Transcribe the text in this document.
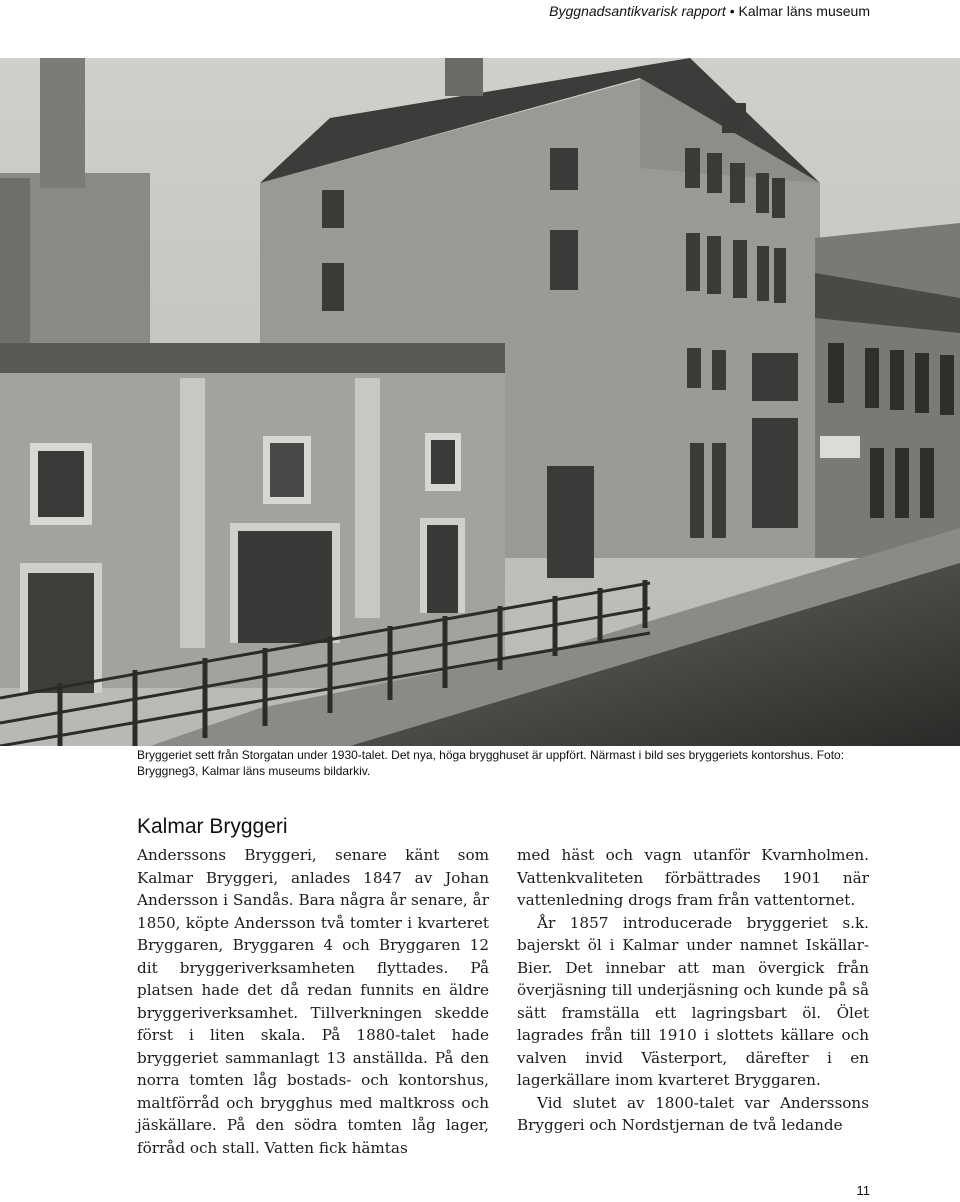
Byggnadsantikvarisk rapport • Kalmar läns museum

Bryggeriet sett från Storgatan under 1930-talet. Det nya, höga brygghuset är uppfört. Närmast i bild ses bryggeriets kontorshus. Foto: Bryggneg3, Kalmar läns museums bildarkiv.

Kalmar Bryggeri

Anderssons Bryggeri, senare känt som Kalmar Bryggeri, anlades 1847 av Johan Andersson i Sandås. Bara några år senare, år 1850, köpte Andersson två tomter i kvarteret Bryggaren, Bryggaren 4 och Bryggaren 12 dit bryggeriverksamheten flyttades. På platsen hade det då redan funnits en äldre bryggeriverksamhet. Tillverkningen skedde först i liten skala. På 1880-talet hade bryggeriet sammanlagt 13 anställda. På den norra tomten låg bostads- och kontorshus, maltförråd och brygghus med maltkross och jäskällare. På den södra tomten låg lager, förråd och stall. Vatten fick hämtas

med häst och vagn utanför Kvarnholmen. Vattenkvaliteten förbättrades 1901 när vattenledning drogs fram från vattentornet.

År 1857 introducerade bryggeriet s.k. bajerskt öl i Kalmar under namnet Iskällar-Bier. Det innebar att man övergick från överjäsning till underjäsning och kunde på så sätt framställa ett lagringsbart öl. Ölet lagrades från till 1910 i slottets källare och valven invid Västerport, därefter i en lagerkällare inom kvarteret Bryggaren.

Vid slutet av 1800-talet var Anderssons Bryggeri och Nordstjernan de två ledande

11
